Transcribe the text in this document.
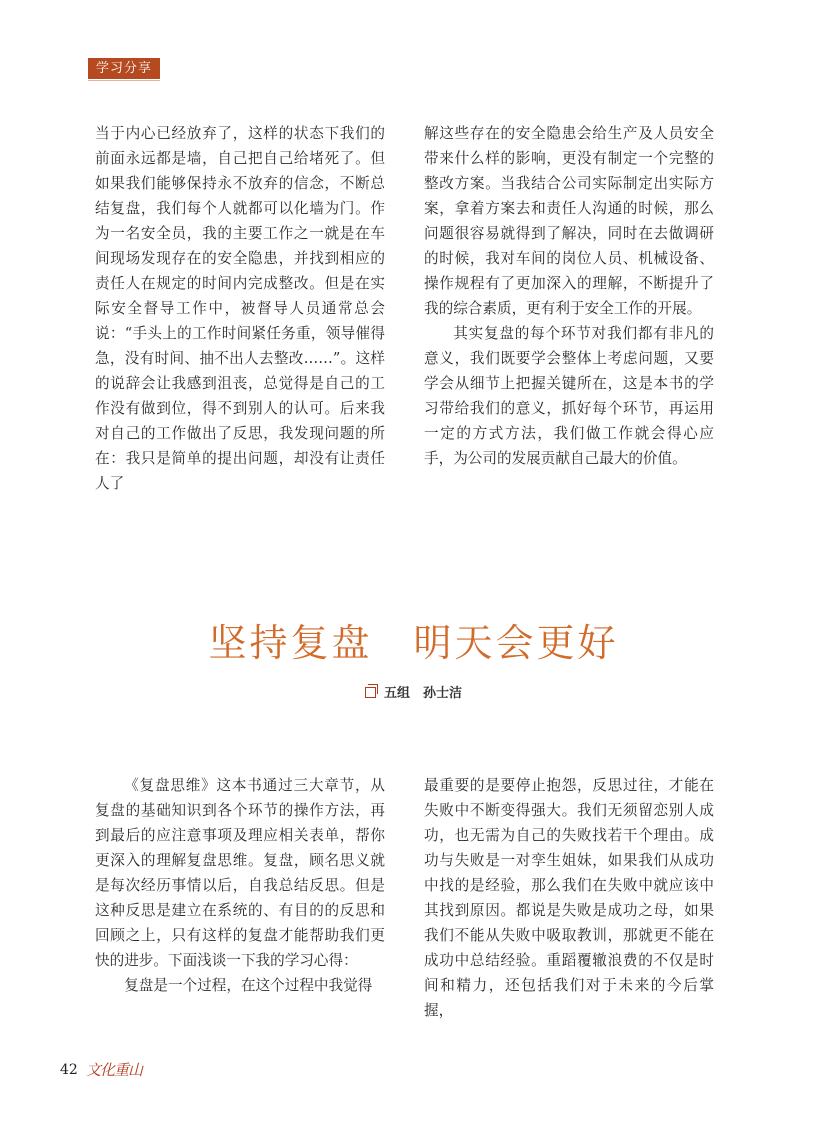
学习分享

当于内心已经放弃了，这样的状态下我们的前面永远都是墙，自己把自己给堵死了。但如果我们能够保持永不放弃的信念，不断总结复盘，我们每个人就都可以化墙为门。作为一名安全员，我的主要工作之一就是在车间现场发现存在的安全隐患，并找到相应的责任人在规定的时间内完成整改。但是在实际安全督导工作中，被督导人员通常总会说：“手头上的工作时间紧任务重，领导催得急，没有时间、抽不出人去整改……”。这样的说辞会让我感到沮丧，总觉得是自己的工作没有做到位，得不到别人的认可。后来我对自己的工作做出了反思，我发现问题的所在：我只是简单的提出问题，却没有让责任人了

解这些存在的安全隐患会给生产及人员安全带来什么样的影响，更没有制定一个完整的整改方案。当我结合公司实际制定出实际方案，拿着方案去和责任人沟通的时候，那么问题很容易就得到了解决，同时在去做调研的时候，我对车间的岗位人员、机械设备、操作规程有了更加深入的理解，不断提升了我的综合素质，更有利于安全工作的开展。

其实复盘的每个环节对我们都有非凡的意义，我们既要学会整体上考虑问题，又要学会从细节上把握关键所在，这是本书的学习带给我们的意义，抓好每个环节，再运用一定的方式方法，我们做工作就会得心应手，为公司的发展贡献自己最大的价值。

坚持复盘　明天会更好
五组　孙士洁

《复盘思维》这本书通过三大章节，从复盘的基础知识到各个环节的操作方法，再到最后的应注意事项及理应相关表单，帮你更深入的理解复盘思维。复盘，顾名思义就是每次经历事情以后，自我总结反思。但是这种反思是建立在系统的、有目的的反思和回顾之上，只有这样的复盘才能帮助我们更快的进步。下面浅谈一下我的学习心得：

复盘是一个过程，在这个过程中我觉得

最重要的是要停止抱怨，反思过往，才能在失败中不断变得强大。我们无须留恋别人成功，也无需为自己的失败找若干个理由。成功与失败是一对孪生姐妹，如果我们从成功中找的是经验，那么我们在失败中就应该中其找到原因。都说是失败是成功之母，如果我们不能从失败中吸取教训，那就更不能在成功中总结经验。重蹈覆辙浪费的不仅是时间和精力，还包括我们对于未来的今后掌握，

42 文化重山
